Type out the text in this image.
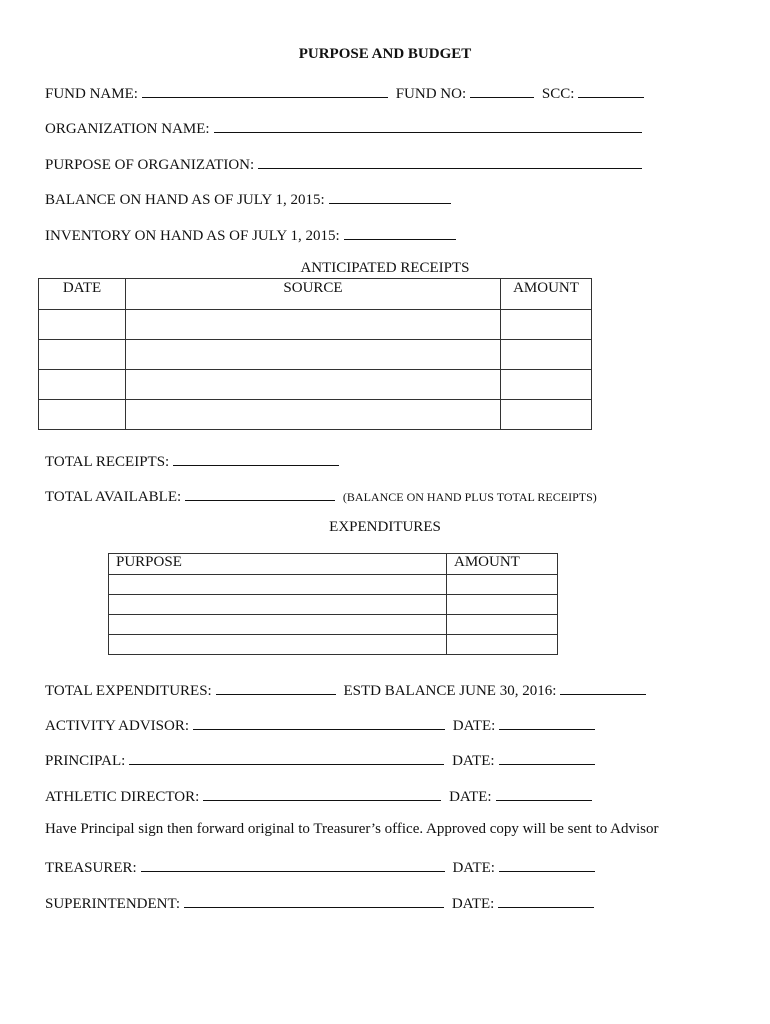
PURPOSE AND BUDGET
FUND NAME:	FUND NO:	SCC:
ORGANIZATION NAME:
PURPOSE OF ORGANIZATION:
BALANCE ON HAND AS OF JULY 1, 2015:
INVENTORY ON HAND AS OF JULY 1, 2015:
ANTICIPATED RECEIPTS
DATE	SOURCE	AMOUNT

TOTAL RECEIPTS:
TOTAL AVAILABLE:	(BALANCE ON HAND PLUS TOTAL RECEIPTS)
EXPENDITURES
PURPOSE	AMOUNT

TOTAL EXPENDITURES:	ESTD BALANCE JUNE 30, 2016:
ACTIVITY ADVISOR:	DATE:
PRINCIPAL:	DATE:
ATHLETIC DIRECTOR:	DATE:
Have Principal sign then forward original to Treasurer’s office. Approved copy will be sent to Advisor
TREASURER:	DATE:
SUPERINTENDENT:	DATE:
